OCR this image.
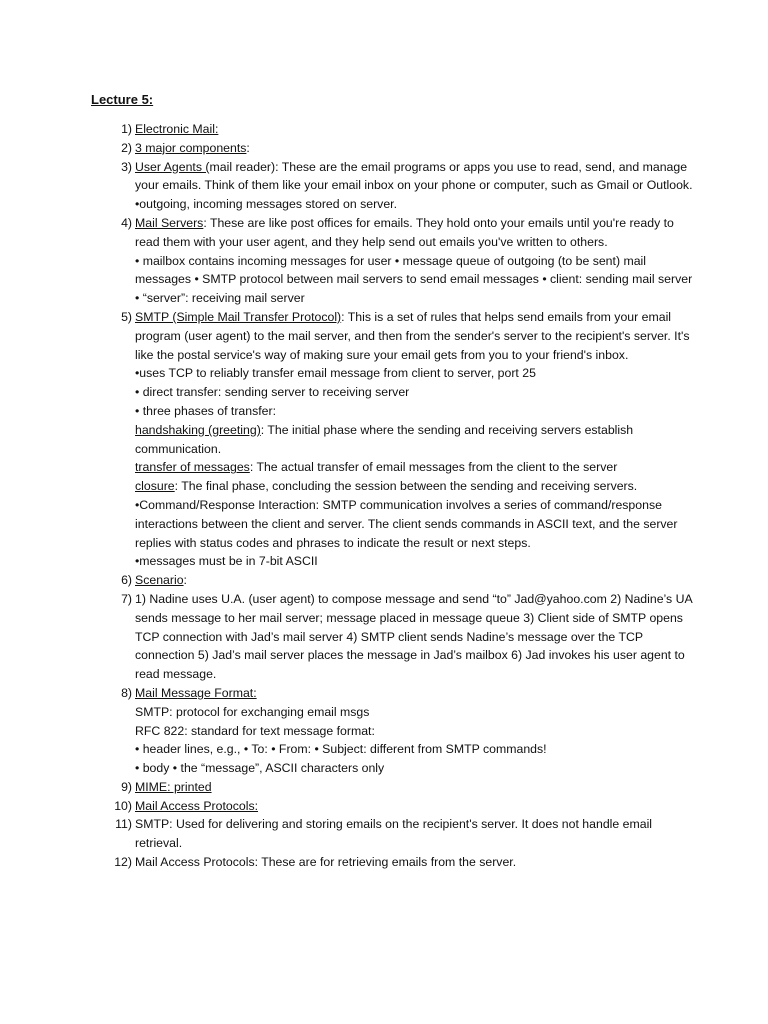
Lecture 5:
1) Electronic Mail:
2) 3 major components:
3) User Agents (mail reader): These are the email programs or apps you use to read, send, and manage your emails. Think of them like your email inbox on your phone or computer, such as Gmail or Outlook. •outgoing, incoming messages stored on server.
4) Mail Servers: These are like post offices for emails. They hold onto your emails until you're ready to read them with your user agent, and they help send out emails you've written to others.
• mailbox contains incoming messages for user • message queue of outgoing (to be sent) mail messages • SMTP protocol between mail servers to send email messages • client: sending mail server • “server”: receiving mail server
5) SMTP (Simple Mail Transfer Protocol): This is a set of rules that helps send emails from your email program (user agent) to the mail server, and then from the sender's server to the recipient's server. It's like the postal service's way of making sure your email gets from you to your friend's inbox.
•uses TCP to reliably transfer email message from client to server, port 25
• direct transfer: sending server to receiving server
• three phases of transfer:
handshaking (greeting): The initial phase where the sending and receiving servers establish communication.
transfer of messages: The actual transfer of email messages from the client to the server
closure: The final phase, concluding the session between the sending and receiving servers.
•Command/Response Interaction: SMTP communication involves a series of command/response interactions between the client and server. The client sends commands in ASCII text, and the server replies with status codes and phrases to indicate the result or next steps.
•messages must be in 7-bit ASCII
6) Scenario:
7) 1) Nadine uses U.A. (user agent) to compose message and send “to” Jad@yahoo.com 2) Nadine’s UA sends message to her mail server; message placed in message queue 3) Client side of SMTP opens TCP connection with Jad’s mail server 4) SMTP client sends Nadine’s message over the TCP connection 5) Jad’s mail server places the message in Jad’s mailbox 6) Jad invokes his user agent to read message.
8) Mail Message Format:
SMTP: protocol for exchanging email msgs
RFC 822: standard for text message format:
• header lines, e.g., • To: • From: • Subject: different from SMTP commands!
• body • the “message”, ASCII characters only
9) MIME: printed
10) Mail Access Protocols:
11) SMTP: Used for delivering and storing emails on the recipient's server. It does not handle email retrieval.
12) Mail Access Protocols: These are for retrieving emails from the server.
